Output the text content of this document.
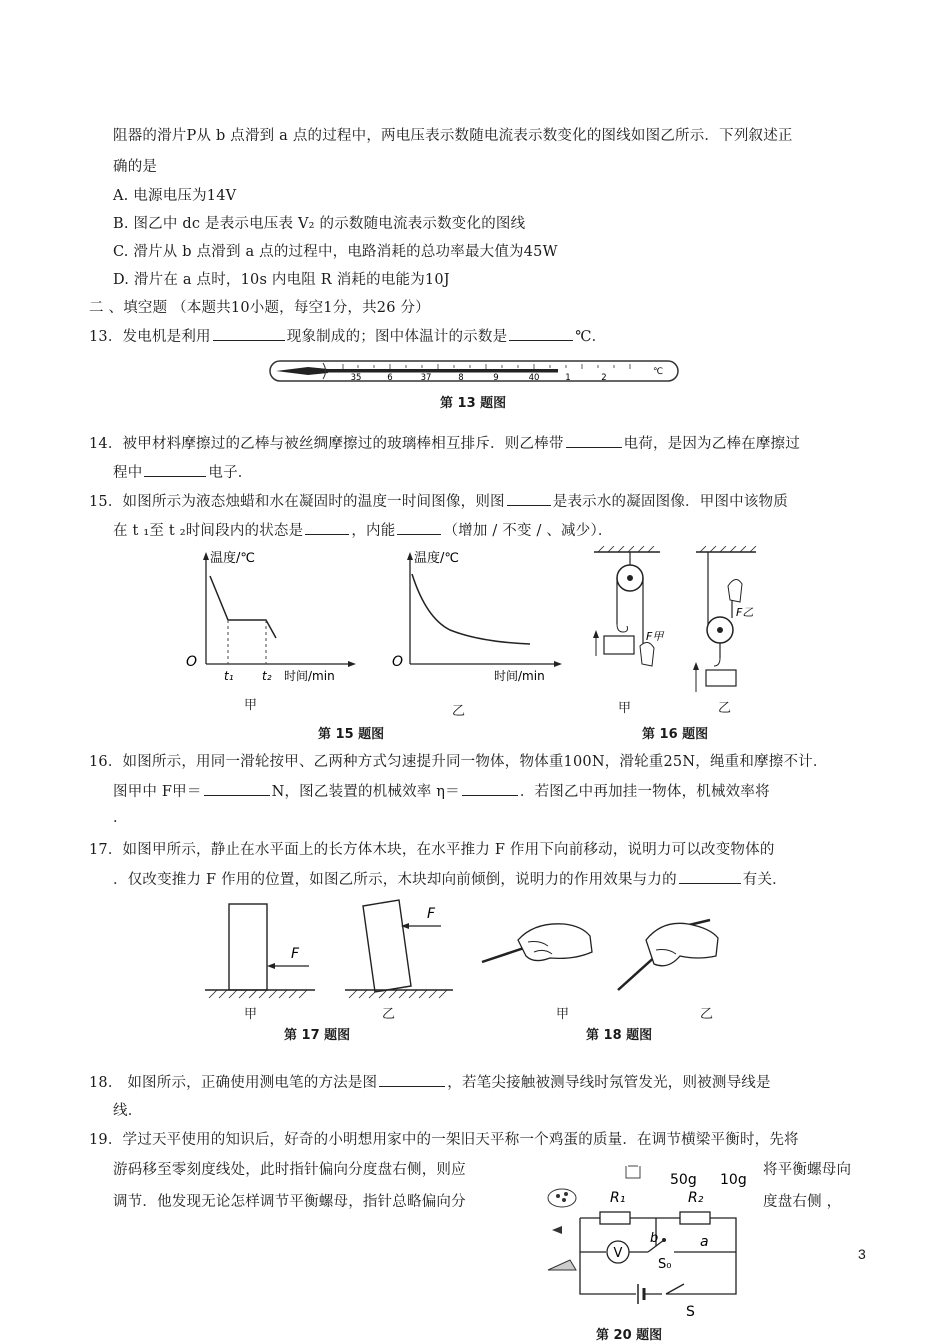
阻器的滑片P从 b 点滑到 a 点的过程中，两电压表示数随电流表示数变化的图线如图乙所示．下列叙述正
确的是
A. 电源电压为14V
B. 图乙中 dc 是表示电压表 V₂ 的示数随电流表示数变化的图线
C. 滑片从 b 点滑到 a 点的过程中，电路消耗的总功率最大值为45W
D. 滑片在 a 点时，10s 内电阻 R 消耗的电能为10J
二 、填空题 （本题共10小题，每空1分，共26 分）
13．发电机是利用	现象制成的；图中体温计的示数是	℃．
35	6	37	8	9	40	1	2
℃
第 13 题图
14．被甲材料摩擦过的乙棒与被丝绸摩擦过的玻璃棒相互排斥．则乙棒带	电荷，是因为乙棒在摩擦过
程中	电子．
15．如图所示为液态烛蜡和水在凝固时的温度一时间图像，则图	是表示水的凝固图像．甲图中该物质
在 t ₁至 t ₂时间段内的状态是	，内能	（增加 / 不变 / 、减少）．
温度/℃
O
t₁ t₂ 时间/min
甲
温度/℃
O
时间/min
乙
第 15 题图
F甲
F乙
甲	乙
第 16 题图
16．如图所示，用同一滑轮按甲、乙两种方式匀速提升同一物体，物体重100N，滑轮重25N，绳重和摩擦不计．
图甲中 F甲＝	N，图乙装置的机械效率 η＝	．若图乙中再加挂一物体，机械效率将
．
17．如图甲所示，静止在水平面上的长方体木块，在水平推力 F 作用下向前移动，说明力可以改变物体的
．仅改变推力 F 作用的位置，如图乙所示，木块却向前倾倒，说明力的作用效果与力的	有关．
F
F
甲	乙
第 17 题图
甲	乙
第 18 题图
18． 如图所示，正确使用测电笔的方法是图	，若笔尖接触被测导线时氖管发光，则被测导线是
线．
19．学过天平使用的知识后，好奇的小明想用家中的一架旧天平称一个鸡蛋的质量．在调节横梁平衡时，先将
游码移至零刻度线处，此时指针偏向分度盘右侧，则应	将平衡螺母向
调节．他发现无论怎样调节平衡螺母，指针总略偏向分	度盘右侧 ，
50g 10g
R₁	R₂
S
V
b	a
S₀
第 20 题图
3
